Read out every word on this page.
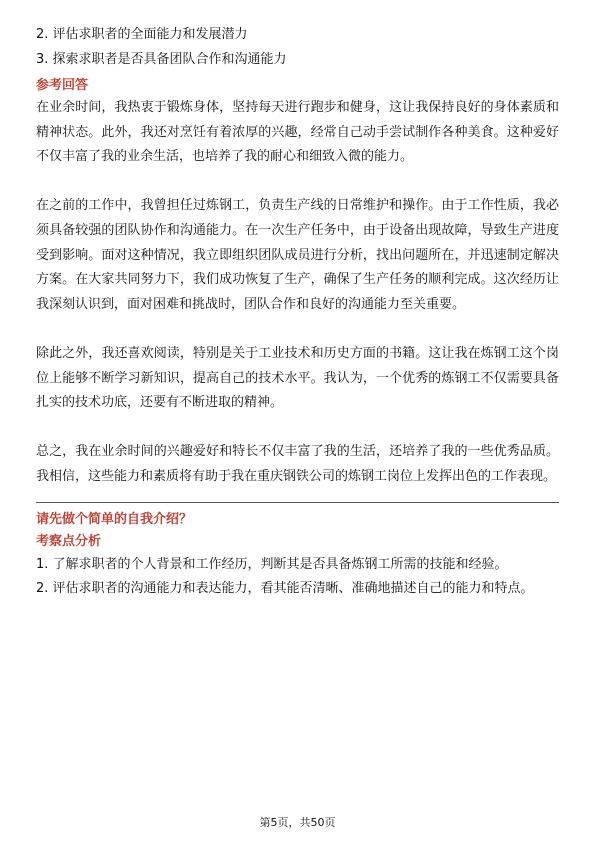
2. 评估求职者的全面能力和发展潜力
3. 探索求职者是否具备团队合作和沟通能力
参考回答

在业余时间，我热衷于锻炼身体，坚持每天进行跑步和健身，这让我保持良好的身体素质和精神状态。此外，我还对烹饪有着浓厚的兴趣，经常自己动手尝试制作各种美食。这种爱好不仅丰富了我的业余生活，也培养了我的耐心和细致入微的能力。

在之前的工作中，我曾担任过炼钢工，负责生产线的日常维护和操作。由于工作性质，我必须具备较强的团队协作和沟通能力。在一次生产任务中，由于设备出现故障，导致生产进度受到影响。面对这种情况，我立即组织团队成员进行分析，找出问题所在，并迅速制定解决方案。在大家共同努力下，我们成功恢复了生产，确保了生产任务的顺利完成。这次经历让我深刻认识到，面对困难和挑战时，团队合作和良好的沟通能力至关重要。

除此之外，我还喜欢阅读，特别是关于工业技术和历史方面的书籍。这让我在炼钢工这个岗位上能够不断学习新知识，提高自己的技术水平。我认为，一个优秀的炼钢工不仅需要具备扎实的技术功底，还要有不断进取的精神。

总之，我在业余时间的兴趣爱好和特长不仅丰富了我的生活，还培养了我的一些优秀品质。我相信，这些能力和素质将有助于我在重庆钢铁公司的炼钢工岗位上发挥出色的工作表现。

请先做个简单的自我介绍？
考察点分析

1. 了解求职者的个人背景和工作经历，判断其是否具备炼钢工所需的技能和经验。

2. 评估求职者的沟通能力和表达能力，看其能否清晰、准确地描述自己的能力和特点。

第5页，共50页
